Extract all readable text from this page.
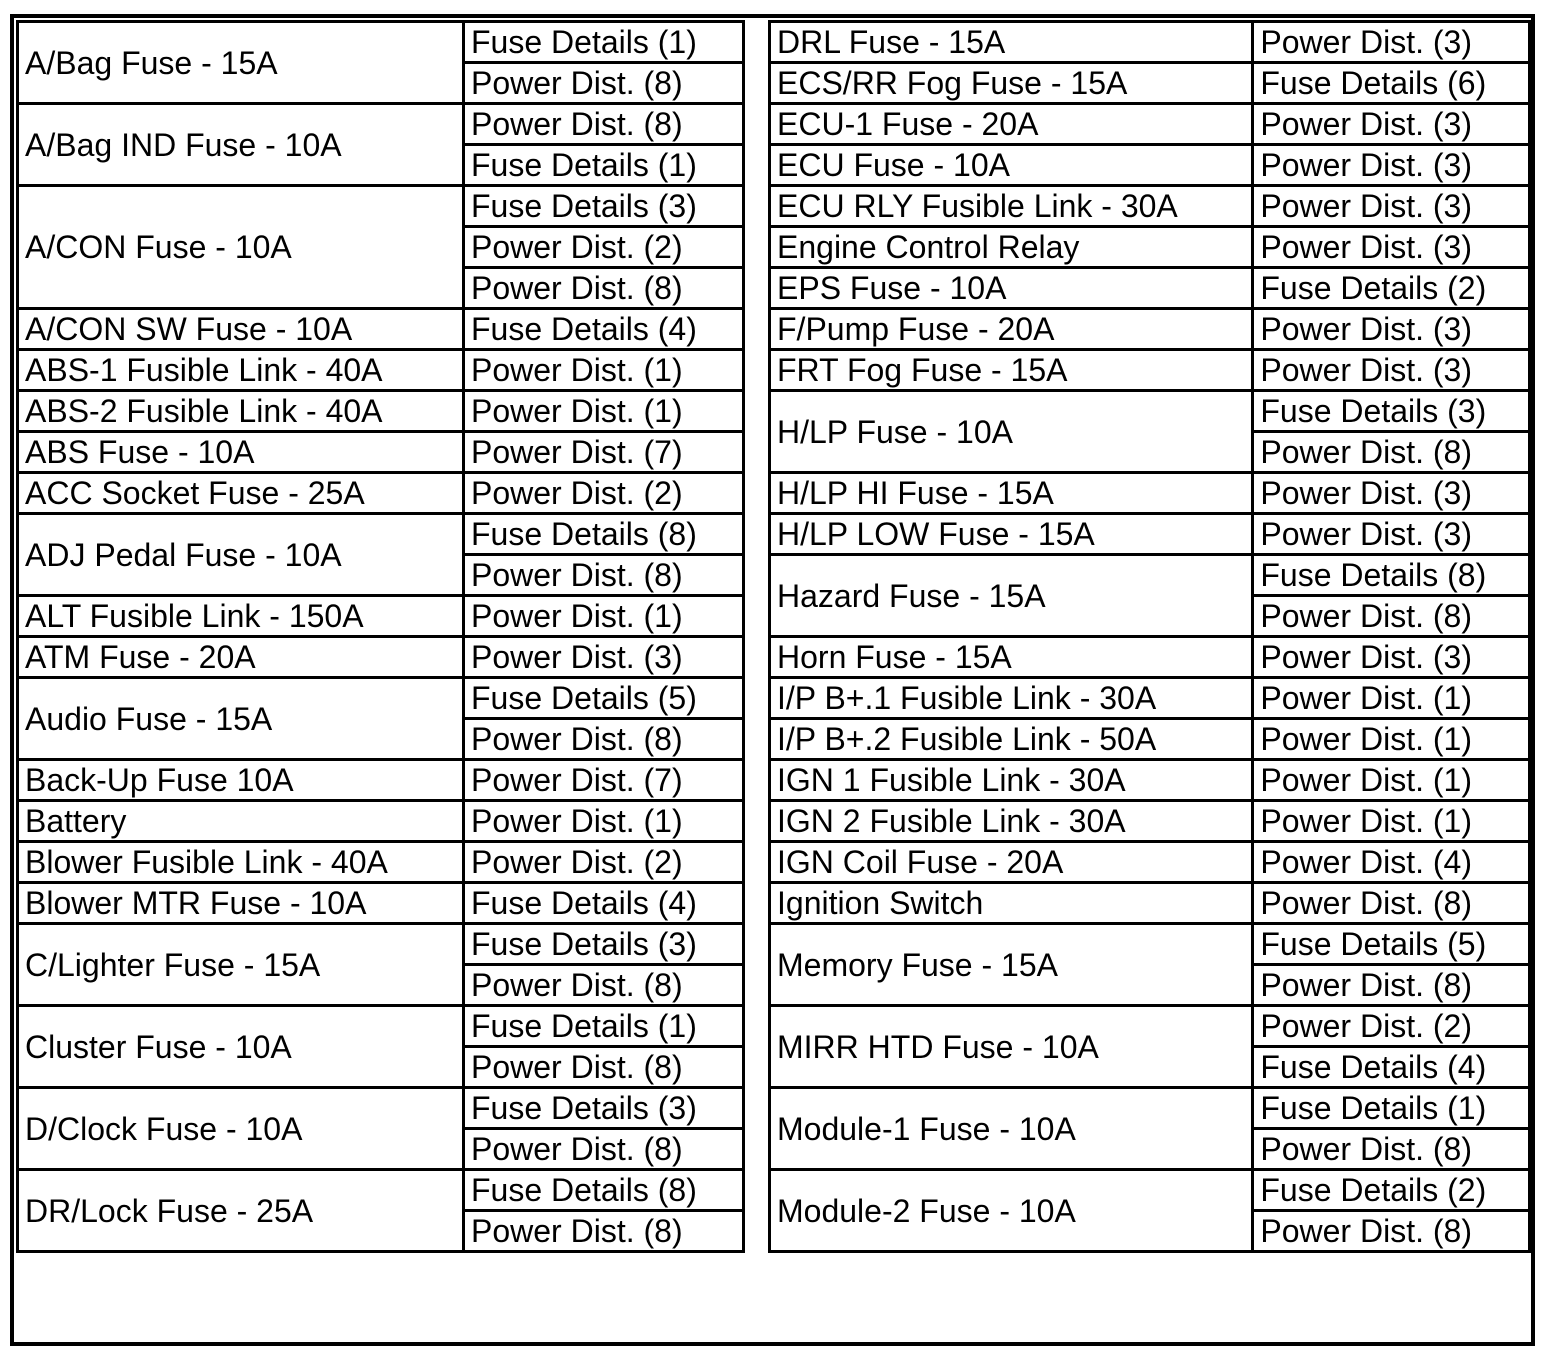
A/Bag Fuse - 15A	Fuse Details (1)
	Power Dist. (8)
A/Bag IND Fuse - 10A	Power Dist. (8)
	Fuse Details (1)
A/CON Fuse - 10A	Fuse Details (3)
	Power Dist. (2)
	Power Dist. (8)
A/CON SW Fuse - 10A	Fuse Details (4)
ABS-1 Fusible Link - 40A	Power Dist. (1)
ABS-2 Fusible Link - 40A	Power Dist. (1)
ABS Fuse - 10A	Power Dist. (7)
ACC Socket Fuse - 25A	Power Dist. (2)
ADJ Pedal Fuse - 10A	Fuse Details (8)
	Power Dist. (8)
ALT Fusible Link - 150A	Power Dist. (1)
ATM Fuse - 20A	Power Dist. (3)
Audio Fuse - 15A	Fuse Details (5)
	Power Dist. (8)
Back-Up Fuse 10A	Power Dist. (7)
Battery	Power Dist. (1)
Blower Fusible Link - 40A	Power Dist. (2)
Blower MTR Fuse - 10A	Fuse Details (4)
C/Lighter Fuse - 15A	Fuse Details (3)
	Power Dist. (8)
Cluster Fuse - 10A	Fuse Details (1)
	Power Dist. (8)
D/Clock Fuse - 10A	Fuse Details (3)
	Power Dist. (8)
DR/Lock Fuse - 25A	Fuse Details (8)
	Power Dist. (8)
DRL Fuse - 15A	Power Dist. (3)
ECS/RR Fog Fuse - 15A	Fuse Details (6)
ECU-1 Fuse - 20A	Power Dist. (3)
ECU Fuse - 10A	Power Dist. (3)
ECU RLY Fusible Link - 30A	Power Dist. (3)
Engine Control Relay	Power Dist. (3)
EPS Fuse - 10A	Fuse Details (2)
F/Pump Fuse - 20A	Power Dist. (3)
FRT Fog Fuse - 15A	Power Dist. (3)
H/LP Fuse - 10A	Fuse Details (3)
	Power Dist. (8)
H/LP HI Fuse - 15A	Power Dist. (3)
H/LP LOW Fuse - 15A	Power Dist. (3)
Hazard Fuse - 15A	Fuse Details (8)
	Power Dist. (8)
Horn Fuse - 15A	Power Dist. (3)
I/P B+.1 Fusible Link - 30A	Power Dist. (1)
I/P B+.2 Fusible Link - 50A	Power Dist. (1)
IGN 1 Fusible Link - 30A	Power Dist. (1)
IGN 2 Fusible Link - 30A	Power Dist. (1)
IGN Coil Fuse - 20A	Power Dist. (4)
Ignition Switch	Power Dist. (8)
Memory Fuse - 15A	Fuse Details (5)
	Power Dist. (8)
MIRR HTD Fuse - 10A	Power Dist. (2)
	Fuse Details (4)
Module-1 Fuse - 10A	Fuse Details (1)
	Power Dist. (8)
Module-2 Fuse - 10A	Fuse Details (2)
	Power Dist. (8)
